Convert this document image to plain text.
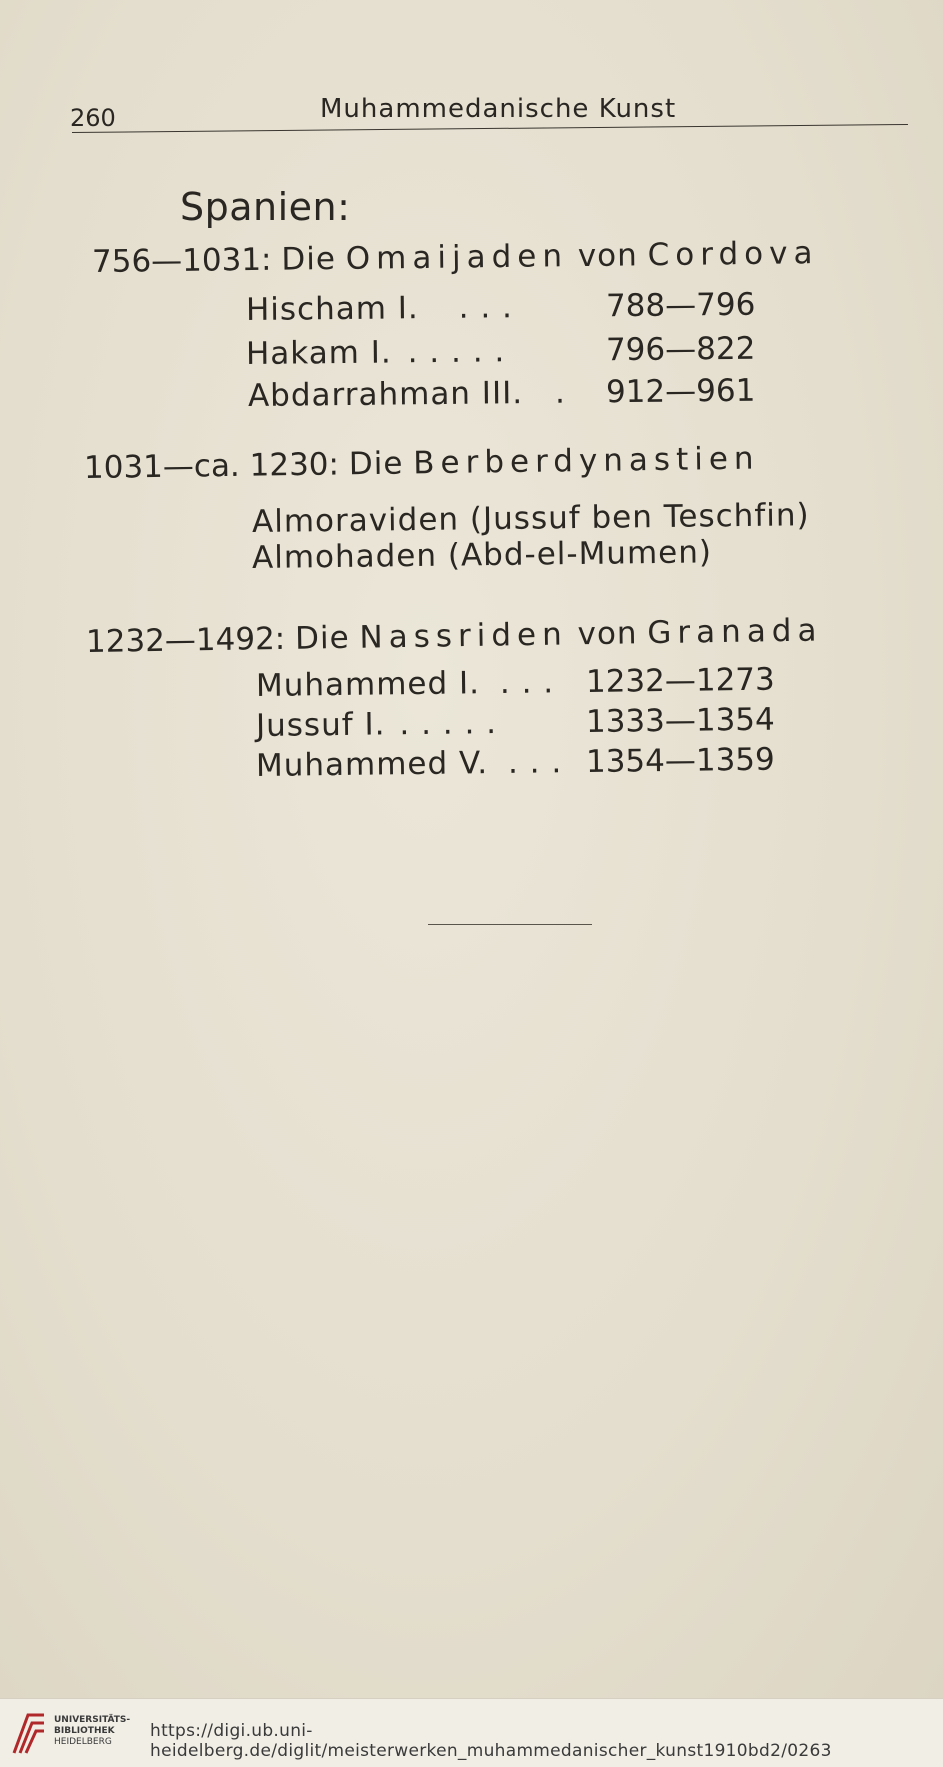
260	Muhammedanische Kunst
Spanien:
756—1031: Die Omaijaden von Cordova
Hischam I. . . .	788—796
Hakam I. . . . . .	796—822
Abdarrahman III. . 912—961
1031—ca. 1230: Die Berberdynastien
Almoraviden (Jussuf ben Teschfin)
Almohaden (Abd-el-Mumen)
1232—1492: Die Nassriden von Granada
Muhammed I. . . . 1232—1273
Jussuf I. . . . . .	1333—1354
Muhammed V. . . . 1354—1359
UNIVERSITÄTS-
BIBLIOTHEK
HEIDELBERG
https://digi.ub.uni-heidelberg.de/diglit/meisterwerken_muhammedanischer_kunst1910bd2/0263
